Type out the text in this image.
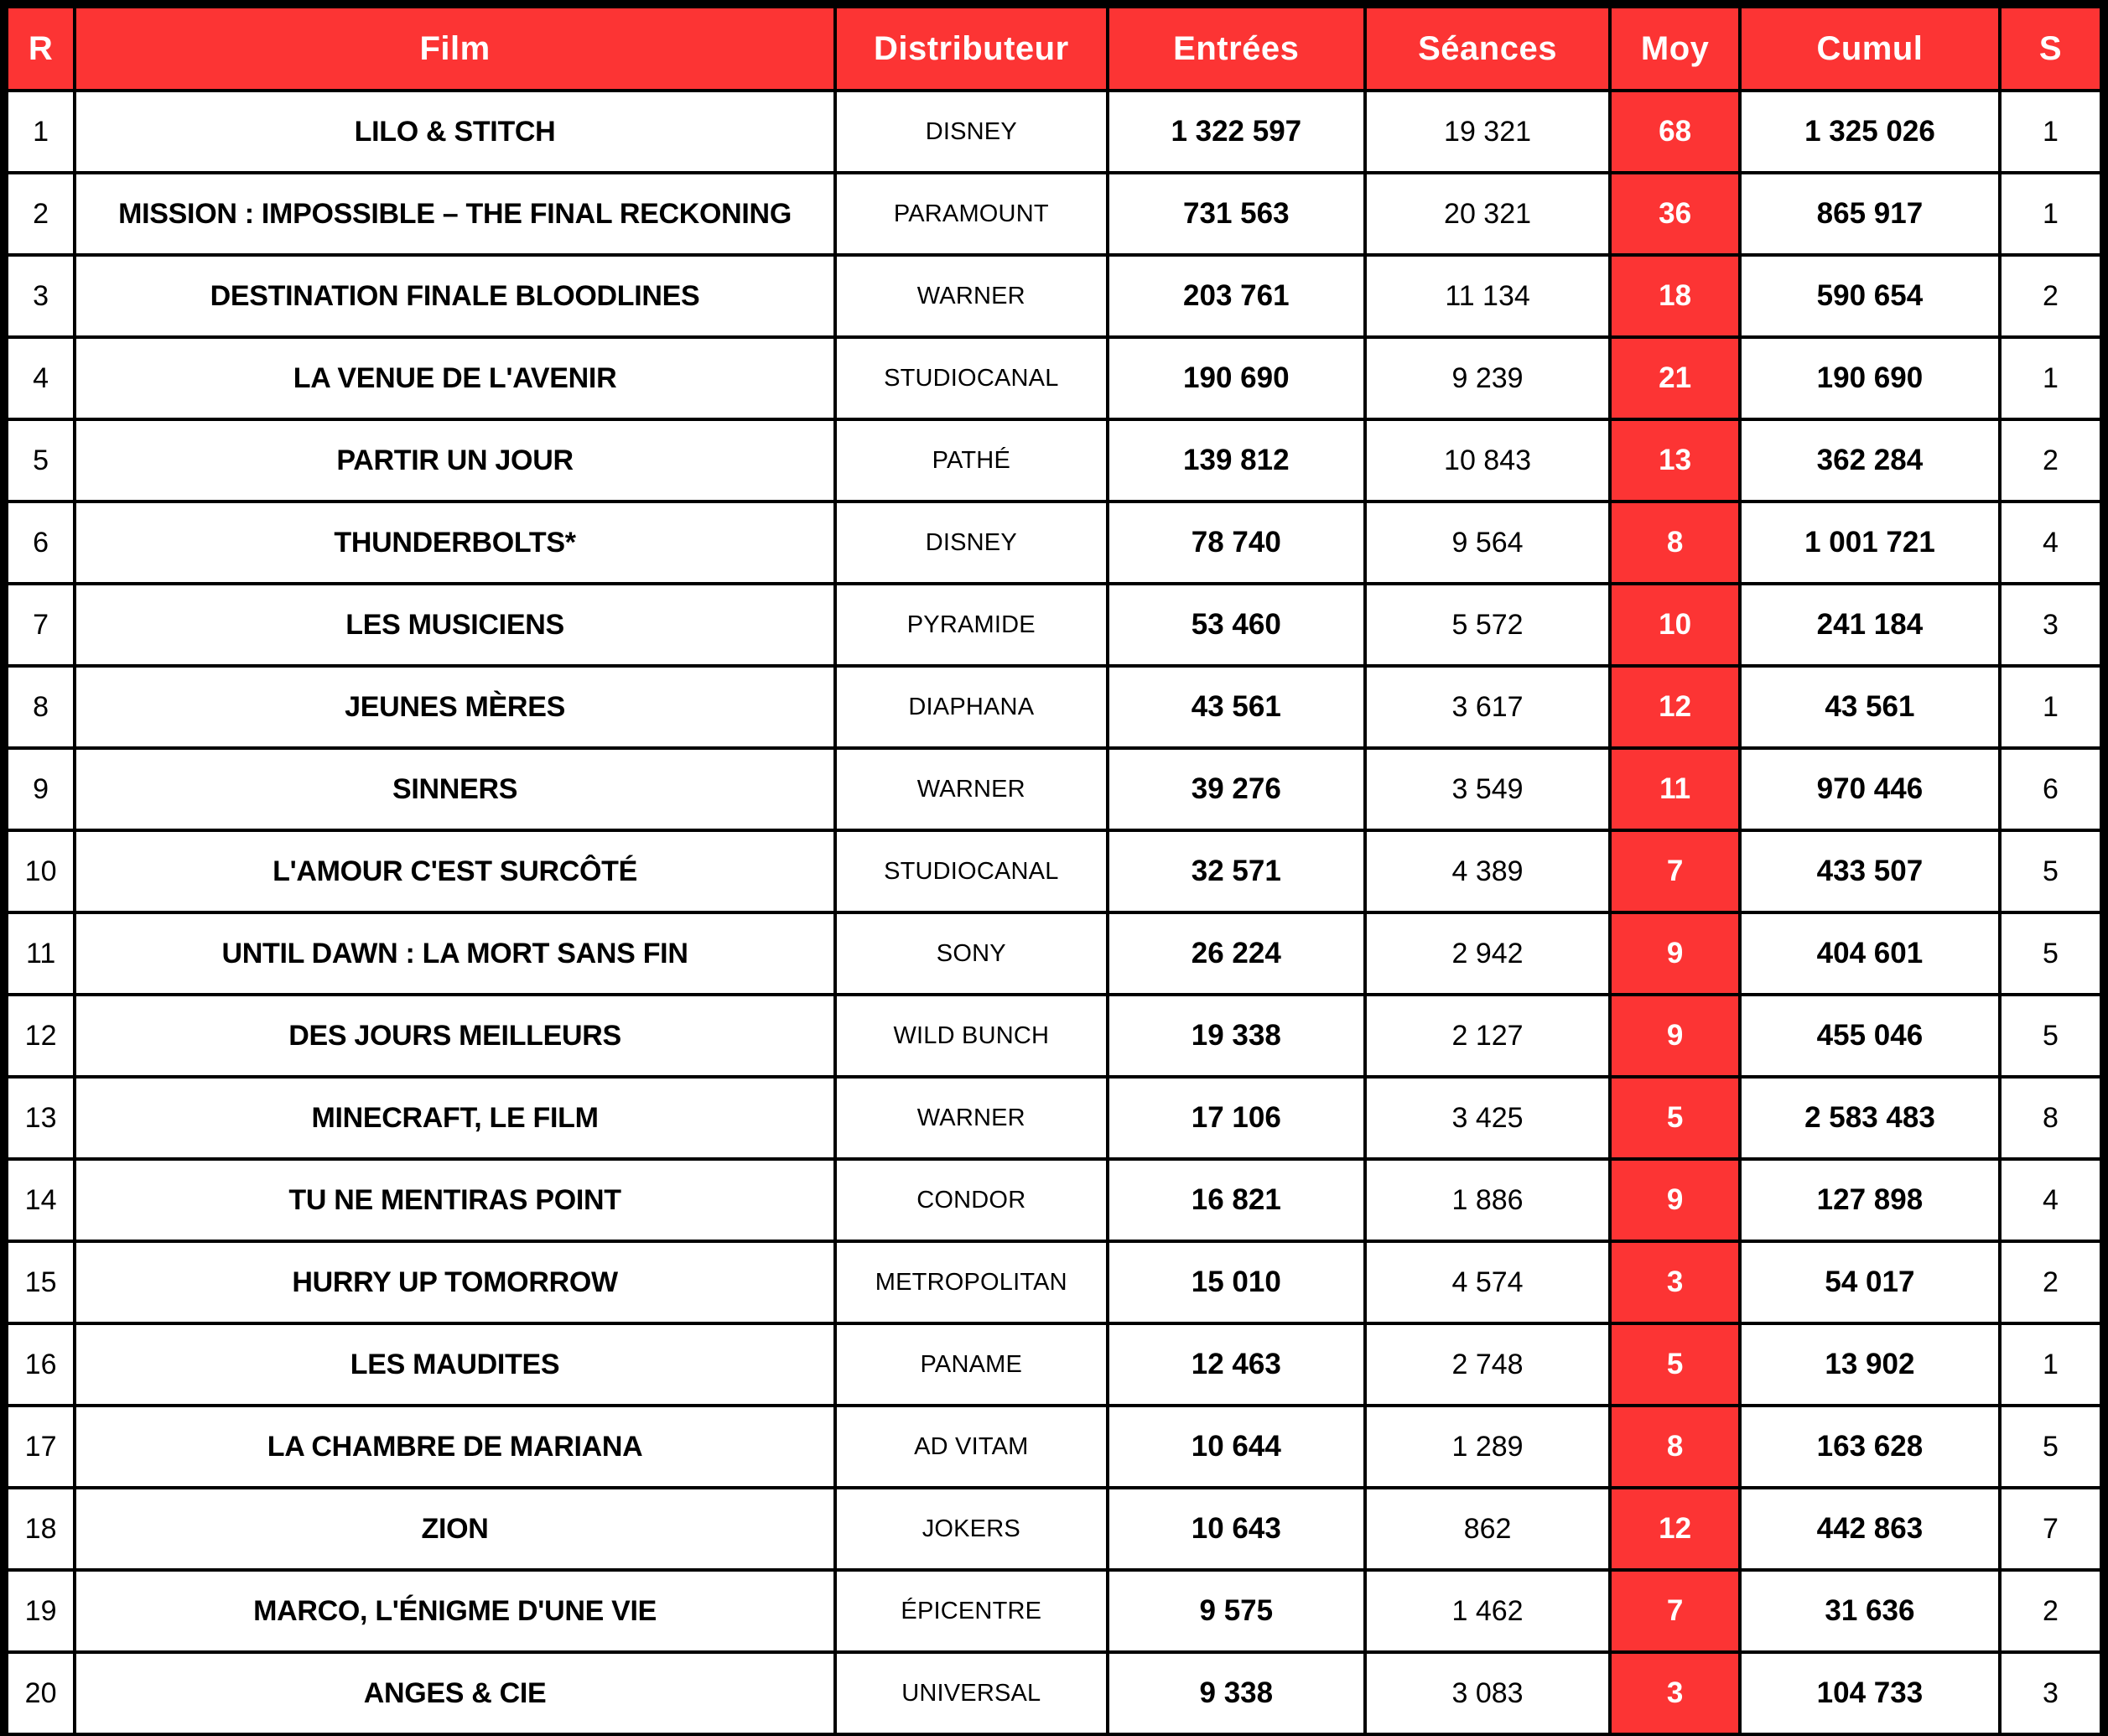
R	Film	Distributeur	Entrées	Séances	Moy	Cumul	S
1	LILO & STITCH	DISNEY	1 322 597	19 321	68	1 325 026	1
2	MISSION : IMPOSSIBLE – THE FINAL RECKONING	PARAMOUNT	731 563	20 321	36	865 917	1
3	DESTINATION FINALE BLOODLINES	WARNER	203 761	11 134	18	590 654	2
4	LA VENUE DE L'AVENIR	STUDIOCANAL	190 690	9 239	21	190 690	1
5	PARTIR UN JOUR	PATHÉ	139 812	10 843	13	362 284	2
6	THUNDERBOLTS*	DISNEY	78 740	9 564	8	1 001 721	4
7	LES MUSICIENS	PYRAMIDE	53 460	5 572	10	241 184	3
8	JEUNES MÈRES	DIAPHANA	43 561	3 617	12	43 561	1
9	SINNERS	WARNER	39 276	3 549	11	970 446	6
10	L'AMOUR C'EST SURCÔTÉ	STUDIOCANAL	32 571	4 389	7	433 507	5
11	UNTIL DAWN : LA MORT SANS FIN	SONY	26 224	2 942	9	404 601	5
12	DES JOURS MEILLEURS	WILD BUNCH	19 338	2 127	9	455 046	5
13	MINECRAFT, LE FILM	WARNER	17 106	3 425	5	2 583 483	8
14	TU NE MENTIRAS POINT	CONDOR	16 821	1 886	9	127 898	4
15	HURRY UP TOMORROW	METROPOLITAN	15 010	4 574	3	54 017	2
16	LES MAUDITES	PANAME	12 463	2 748	5	13 902	1
17	LA CHAMBRE DE MARIANA	AD VITAM	10 644	1 289	8	163 628	5
18	ZION	JOKERS	10 643	862	12	442 863	7
19	MARCO, L'ÉNIGME D'UNE VIE	ÉPICENTRE	9 575	1 462	7	31 636	2
20	ANGES & CIE	UNIVERSAL	9 338	3 083	3	104 733	3
